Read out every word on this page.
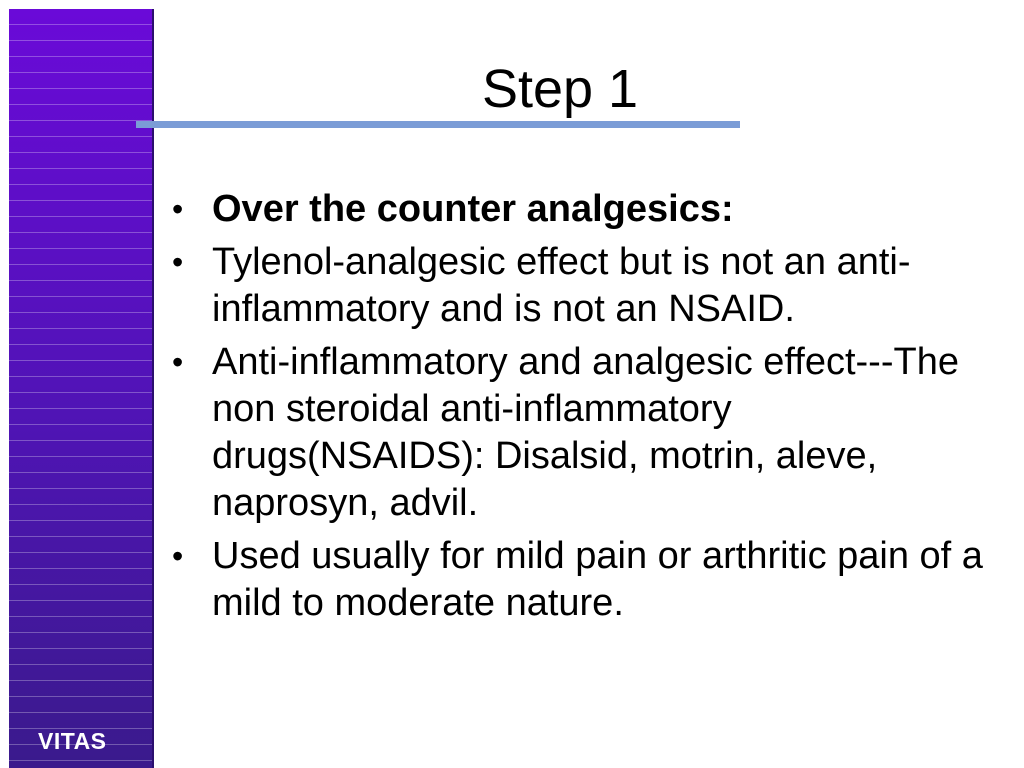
VITAS
Step 1
• Over the counter analgesics:
• Tylenol-analgesic effect but is not an anti-inflammatory and is not an NSAID.
• Anti-inflammatory and analgesic effect---The non steroidal anti-inflammatory drugs(NSAIDS): Disalsid, motrin, aleve, naprosyn, advil.
• Used usually for mild pain or arthritic pain of a mild to moderate nature.
